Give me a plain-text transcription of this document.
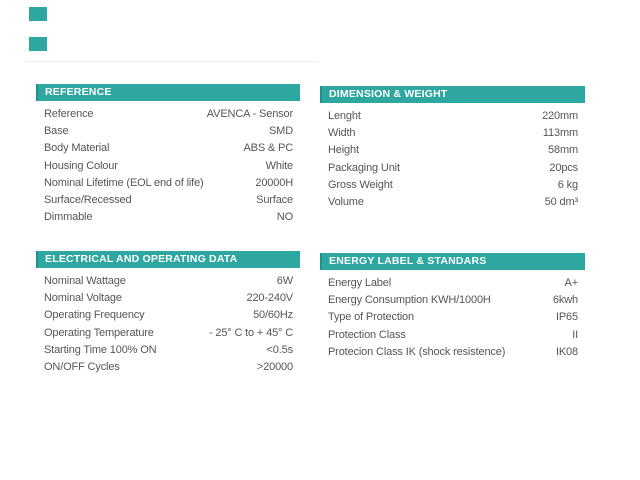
REFERENCE
Reference	AVENCA - Sensor
Base	SMD
Body Material	ABS & PC
Housing Colour	White
Nominal Lifetime (EOL end of life)	20000H
Surface/Recessed	Surface
Dimmable	NO
DIMENSION & WEIGHT
Lenght	220mm
Width	113mm
Height	58mm
Packaging Unit	20pcs
Gross Weight	6 kg
Volume	50 dm³
ELECTRICAL AND OPERATING DATA
Nominal Wattage	6W
Nominal Voltage	220-240V
Operating Frequency	50/60Hz
Operating Temperature	- 25° C to + 45° C
Starting Time 100% ON	<0.5s
ON/OFF Cycles	>20000
ENERGY LABEL & STANDARS
Energy Label	A+
Energy Consumption KWH/1000H	6kwh
Type of Protection	IP65
Protection Class	II
Protecion Class IK (shock resistence)	IK08
